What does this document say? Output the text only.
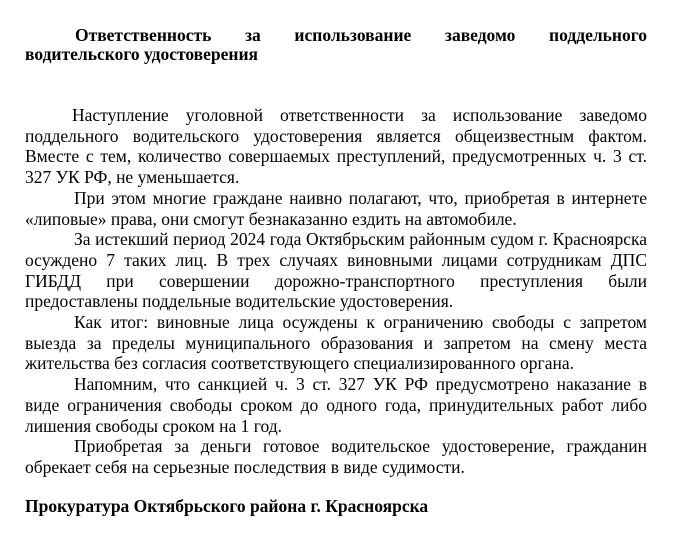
Ответственность за использование заведомо поддельного водительского удостоверения

Наступление уголовной ответственности за использование заведомо поддельного водительского удостоверения является общеизвестным фактом. Вместе с тем, количество совершаемых преступлений, предусмотренных ч. 3 ст. 327 УК РФ, не уменьшается.

При этом многие граждане наивно полагают, что, приобретая в интернете «липовые» права, они смогут безнаказанно ездить на автомобиле.

За истекший период 2024 года Октябрьским районным судом г. Красноярска осуждено 7 таких лиц. В трех случаях виновными лицами сотрудникам ДПС ГИБДД при совершении дорожно-транспортного преступления были предоставлены поддельные водительские удостоверения.

Как итог: виновные лица осуждены к ограничению свободы с запретом выезда за пределы муниципального образования и запретом на смену места жительства без согласия соответствующего специализированного органа.

Напомним, что санкцией ч. 3 ст. 327 УК РФ предусмотрено наказание в виде ограничения свободы сроком до одного года, принудительных работ либо лишения свободы сроком на 1 год.

Приобретая за деньги готовое водительское удостоверение, гражданин обрекает себя на серьезные последствия в виде судимости.

Прокуратура Октябрьского района г. Красноярска
